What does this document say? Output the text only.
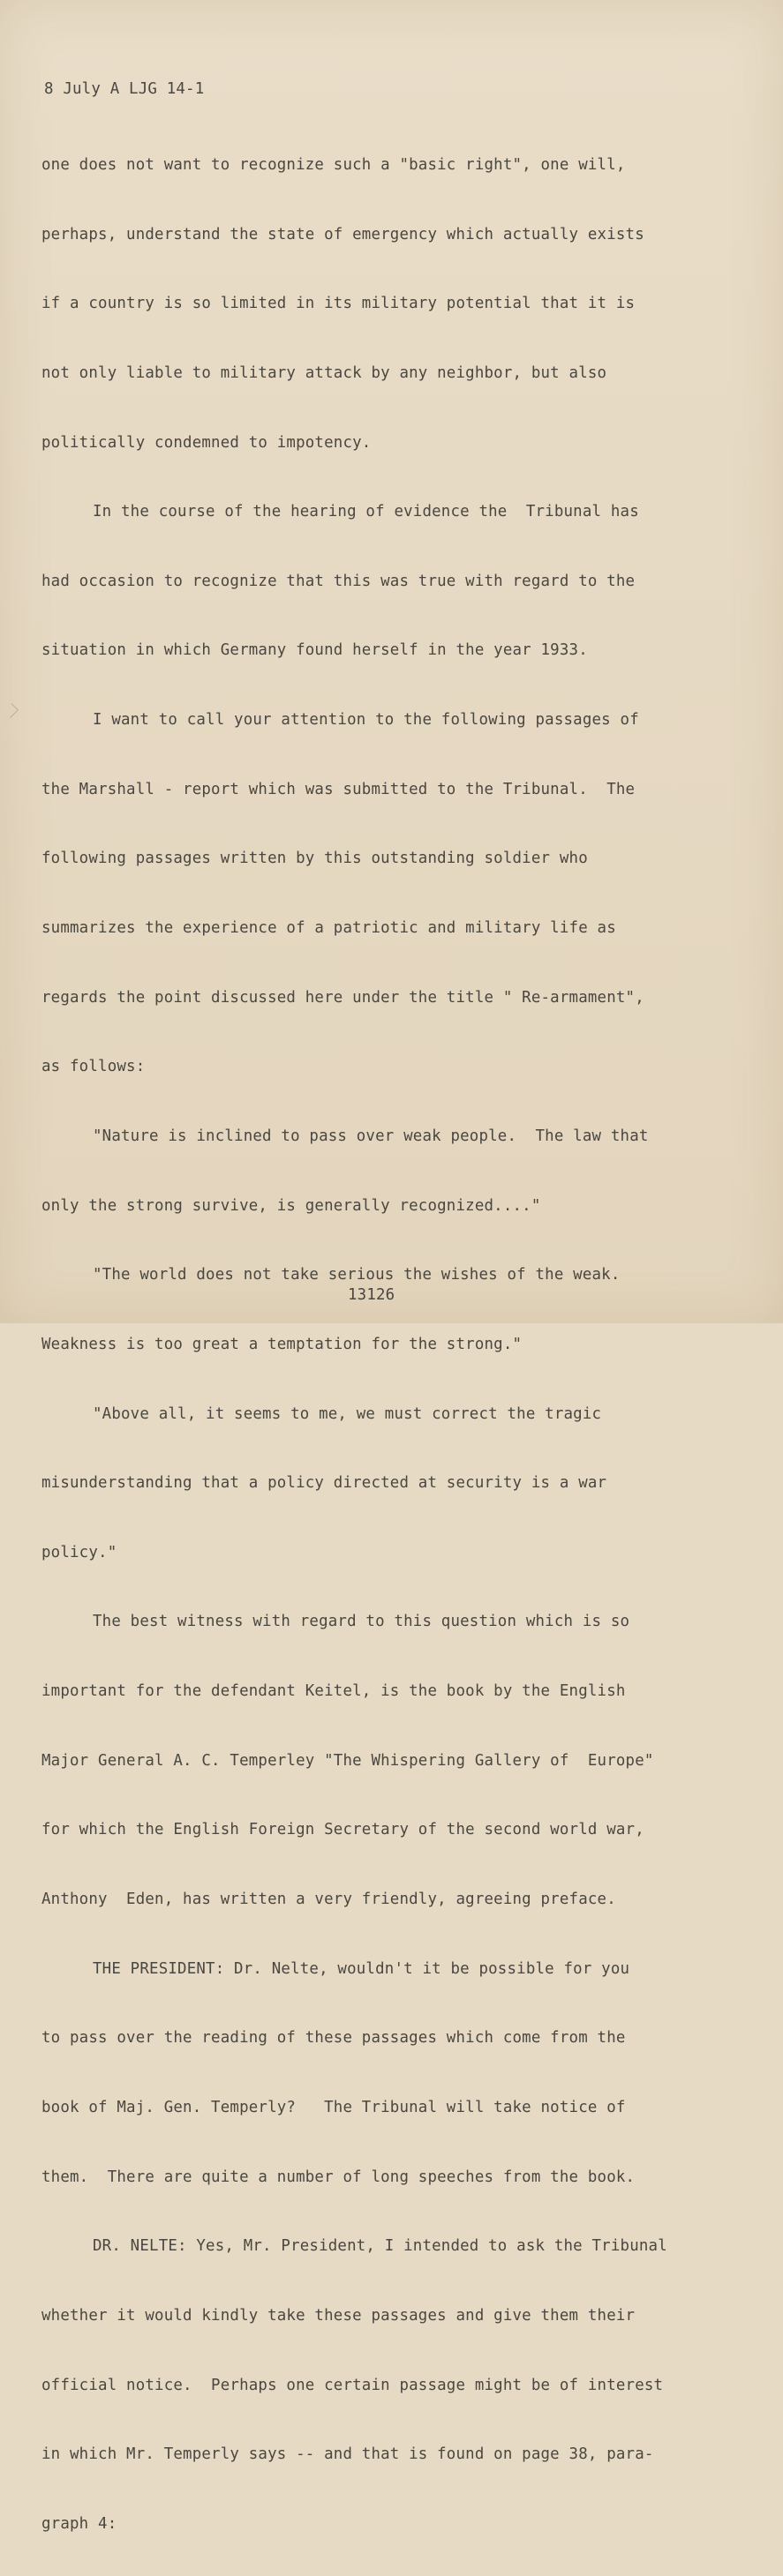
8 July A LJG 14-1

one does not want to recognize such a "basic right", one will,

perhaps, understand the state of emergency which actually exists

if a country is so limited in its military potential that it is

not only liable to military attack by any neighbor, but also

politically condemned to impotency.

In the course of the hearing of evidence the  Tribunal has

had occasion to recognize that this was true with regard to the

situation in which Germany found herself in the year 1933.

I want to call your attention to the following passages of

the Marshall - report which was submitted to the Tribunal.  The

following passages written by this outstanding soldier who

summarizes the experience of a patriotic and military life as

regards the point discussed here under the title " Re-armament",

as follows:

"Nature is inclined to pass over weak people.  The law that

only the strong survive, is generally recognized...."

"The world does not take serious the wishes of the weak.

Weakness is too great a temptation for the strong."

"Above all, it seems to me, we must correct the tragic

misunderstanding that a policy directed at security is a war

policy."

The best witness with regard to this question which is so

important for the defendant Keitel, is the book by the English

Major General A. C. Temperley "The Whispering Gallery of  Europe"

for which the English Foreign Secretary of the second world war,

Anthony  Eden, has written a very friendly, agreeing preface.

THE PRESIDENT: Dr. Nelte, wouldn't it be possible for you

to pass over the reading of these passages which come from the

book of Maj. Gen. Temperly?   The Tribunal will take notice of

them.  There are quite a number of long speeches from the book.

DR. NELTE: Yes, Mr. President, I intended to ask the Tribunal

whether it would kindly take these passages and give them their

official notice.  Perhaps one certain passage might be of interest

in which Mr. Temperly says -- and that is found on page 38, para-

graph 4:

13126
